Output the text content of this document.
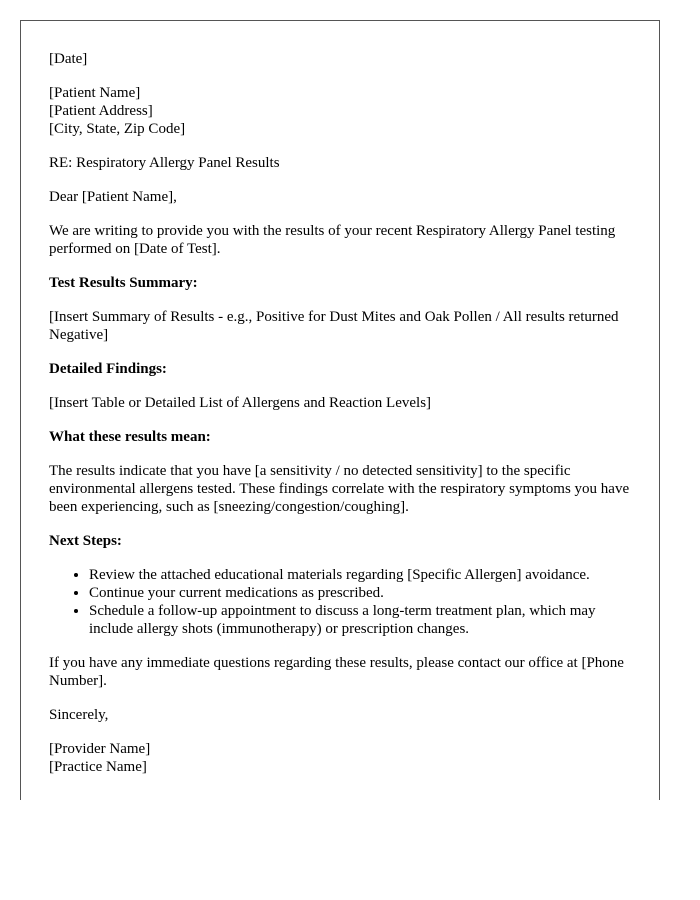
[Date]

[Patient Name]
[Patient Address]
[City, State, Zip Code]

RE: Respiratory Allergy Panel Results

Dear [Patient Name],

We are writing to provide you with the results of your recent Respiratory Allergy Panel testing performed on [Date of Test].

Test Results Summary:

[Insert Summary of Results - e.g., Positive for Dust Mites and Oak Pollen / All results returned Negative]

Detailed Findings:

[Insert Table or Detailed List of Allergens and Reaction Levels]

What these results mean:

The results indicate that you have [a sensitivity / no detected sensitivity] to the specific environmental allergens tested. These findings correlate with the respiratory symptoms you have been experiencing, such as [sneezing/congestion/coughing].

Next Steps:

• Review the attached educational materials regarding [Specific Allergen] avoidance.
• Continue your current medications as prescribed.
• Schedule a follow-up appointment to discuss a long-term treatment plan, which may include allergy shots (immunotherapy) or prescription changes.

If you have any immediate questions regarding these results, please contact our office at [Phone Number].

Sincerely,

[Provider Name]
[Practice Name]
